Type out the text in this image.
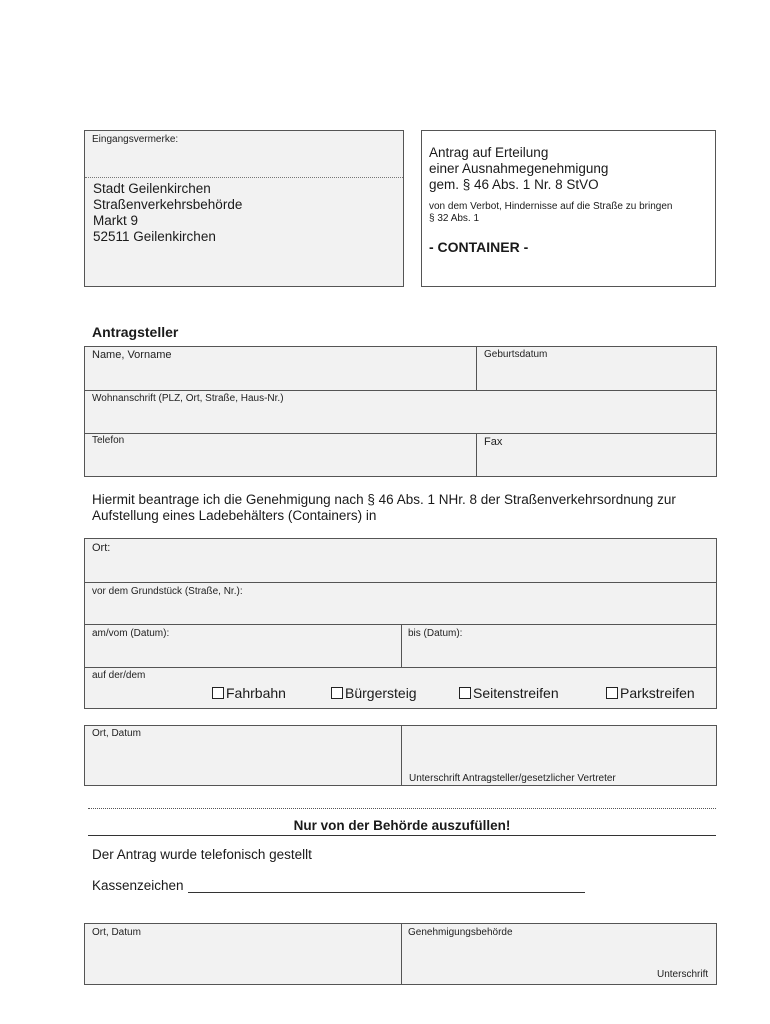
Eingangsvermerke:
Stadt Geilenkirchen
Straßenverkehrsbehörde
Markt 9
52511 Geilenkirchen
Antrag auf Erteilung
einer Ausnahmegenehmigung
gem. § 46 Abs. 1 Nr. 8 StVO
von dem Verbot, Hindernisse auf die Straße zu bringen
§ 32 Abs. 1
- CONTAINER -
Antragsteller
Name, Vorname	Geburtsdatum
Wohnanschrift (PLZ, Ort, Straße, Haus-Nr.)
Telefon	Fax
Hiermit beantrage ich die Genehmigung nach § 46 Abs. 1 NHr. 8 der Straßenverkehrsordnung zur
Aufstellung eines Ladebehälters (Containers) in
Ort:
vor dem Grundstück (Straße, Nr.):
am/vom (Datum):	bis (Datum):
auf der/dem
Fahrbahn	Bürgersteig	Seitenstreifen	Parkstreifen
Ort, Datum
Unterschrift Antragsteller/gesetzlicher Vertreter
Nur von der Behörde auszufüllen!
Der Antrag wurde telefonisch gestellt
Kassenzeichen
Ort, Datum	Genehmigungsbehörde
Unterschrift
